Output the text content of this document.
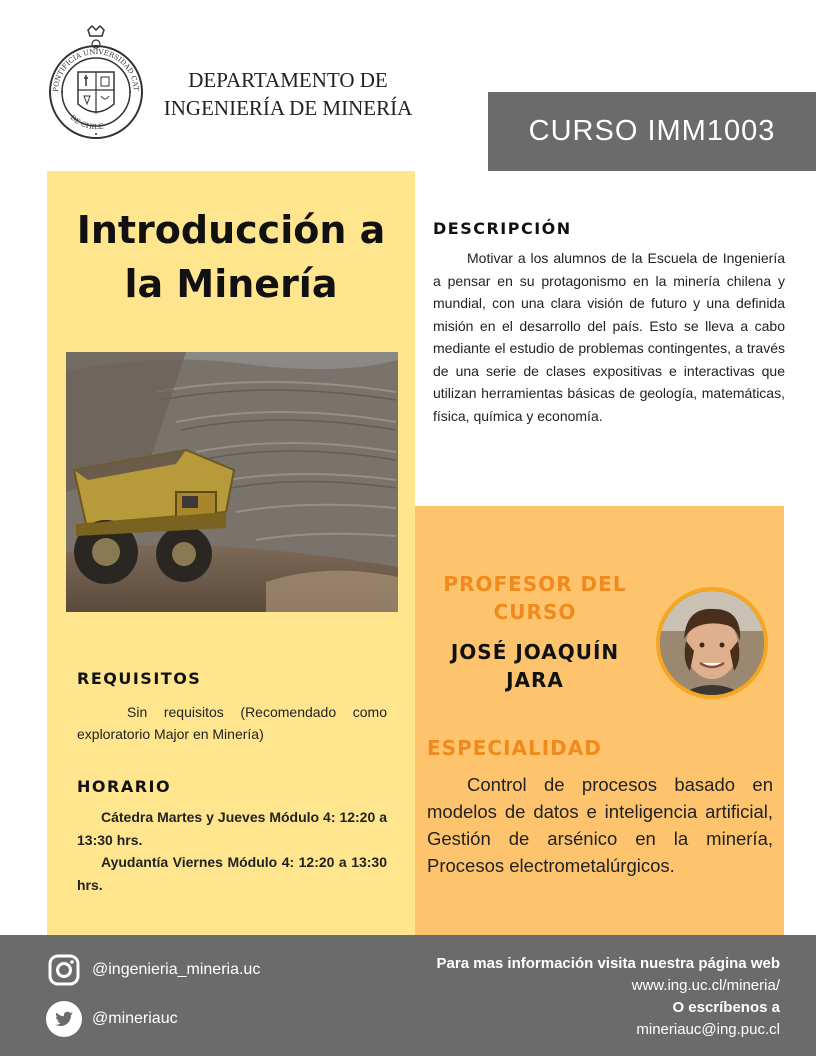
PONTIFICIA UNIVERSIDAD CAT
DE CHILE
DEPARTAMENTO DE
INGENIERÍA DE MINERÍA
CURSO IMM1003
Introducción a
la Minería
DESCRIPCIÓN
Motivar a los alumnos de la Escuela de Ingeniería a pensar en su protagonismo en la minería chilena y mundial, con una clara visión de futuro y una definida misión en el desarrollo del país. Esto se lleva a cabo mediante el estudio de problemas contingentes, a través de una serie de clases expositivas e interactivas que utilizan herramientas básicas de geología, matemáticas, física, química y economía.
REQUISITOS
Sin requisitos (Recomendado como exploratorio Major en Minería)
HORARIO
Cátedra Martes y Jueves Módulo 4: 12:20 a 13:30 hrs.
Ayudantía Viernes Módulo 4: 12:20 a 13:30 hrs.
PROFESOR DEL
CURSO
JOSÉ JOAQUÍN
JARA
ESPECIALIDAD
Control de procesos basado en modelos de datos e inteligencia artificial, Gestión de arsénico en la minería, Procesos electrometalúrgicos.
@ingenieria_mineria.uc
@mineriauc
Para mas información visita nuestra página web
www.ing.uc.cl/mineria/
O escríbenos a
mineriauc@ing.puc.cl
